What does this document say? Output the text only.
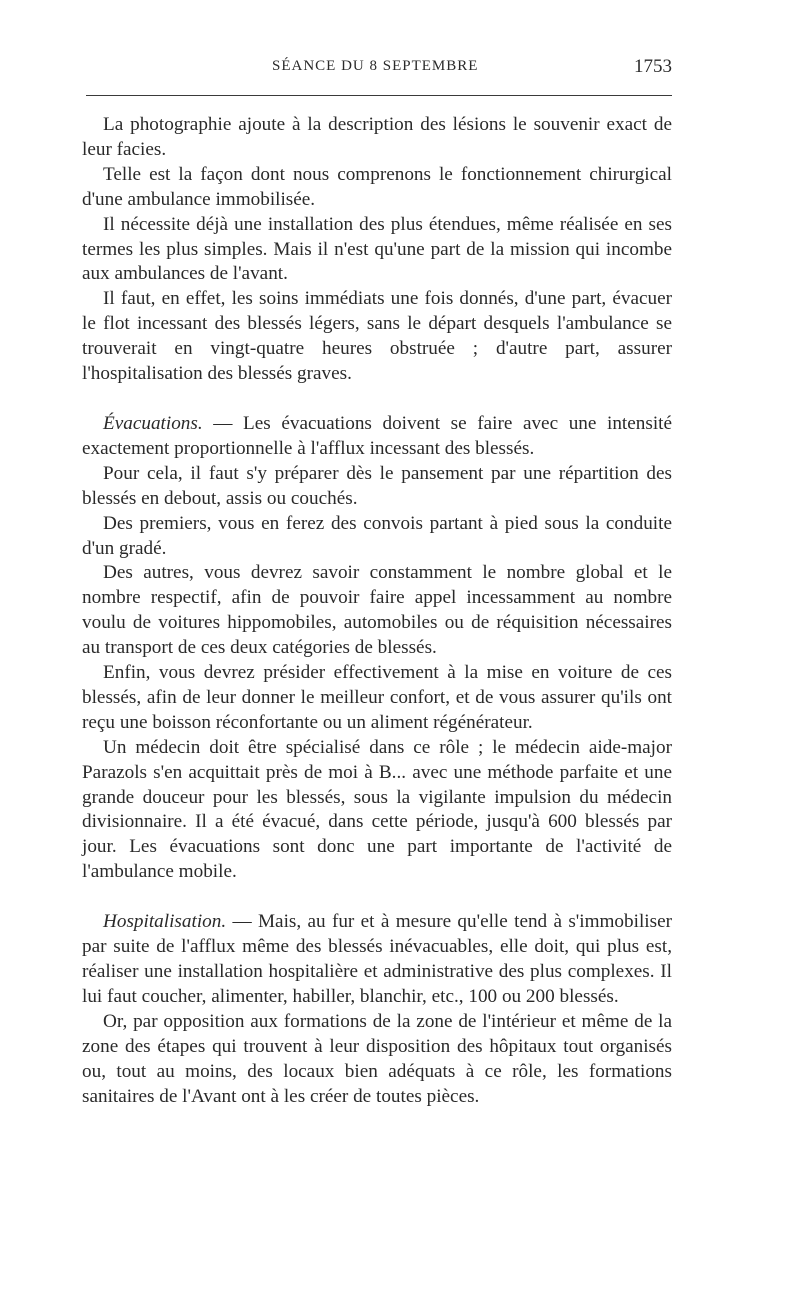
SÉANCE DU 8 SEPTEMBRE	1753

La photographie ajoute à la description des lésions le souvenir exact de leur facies.

Telle est la façon dont nous comprenons le fonctionnement chirurgical d'une ambulance immobilisée.

Il nécessite déjà une installation des plus étendues, même réalisée en ses termes les plus simples. Mais il n'est qu'une part de la mission qui incombe aux ambulances de l'avant.

Il faut, en effet, les soins immédiats une fois donnés, d'une part, évacuer le flot incessant des blessés légers, sans le départ desquels l'ambulance se trouverait en vingt-quatre heures obstruée ; d'autre part, assurer l'hospitalisation des blessés graves.

Évacuations. — Les évacuations doivent se faire avec une intensité exactement proportionnelle à l'afflux incessant des blessés.

Pour cela, il faut s'y préparer dès le pansement par une répartition des blessés en debout, assis ou couchés.

Des premiers, vous en ferez des convois partant à pied sous la conduite d'un gradé.

Des autres, vous devrez savoir constamment le nombre global et le nombre respectif, afin de pouvoir faire appel incessamment au nombre voulu de voitures hippomobiles, automobiles ou de réquisition nécessaires au transport de ces deux catégories de blessés.

Enfin, vous devrez présider effectivement à la mise en voiture de ces blessés, afin de leur donner le meilleur confort, et de vous assurer qu'ils ont reçu une boisson réconfortante ou un aliment régénérateur.

Un médecin doit être spécialisé dans ce rôle ; le médecin aide-major Parazols s'en acquittait près de moi à B... avec une méthode parfaite et une grande douceur pour les blessés, sous la vigilante impulsion du médecin divisionnaire. Il a été évacué, dans cette période, jusqu'à 600 blessés par jour. Les évacuations sont donc une part importante de l'activité de l'ambulance mobile.

Hospitalisation. — Mais, au fur et à mesure qu'elle tend à s'immobiliser par suite de l'afflux même des blessés inévacuables, elle doit, qui plus est, réaliser une installation hospitalière et administrative des plus complexes. Il lui faut coucher, alimenter, habiller, blanchir, etc., 100 ou 200 blessés.

Or, par opposition aux formations de la zone de l'intérieur et même de la zone des étapes qui trouvent à leur disposition des hôpitaux tout organisés ou, tout au moins, des locaux bien adéquats à ce rôle, les formations sanitaires de l'Avant ont à les créer de toutes pièces.
